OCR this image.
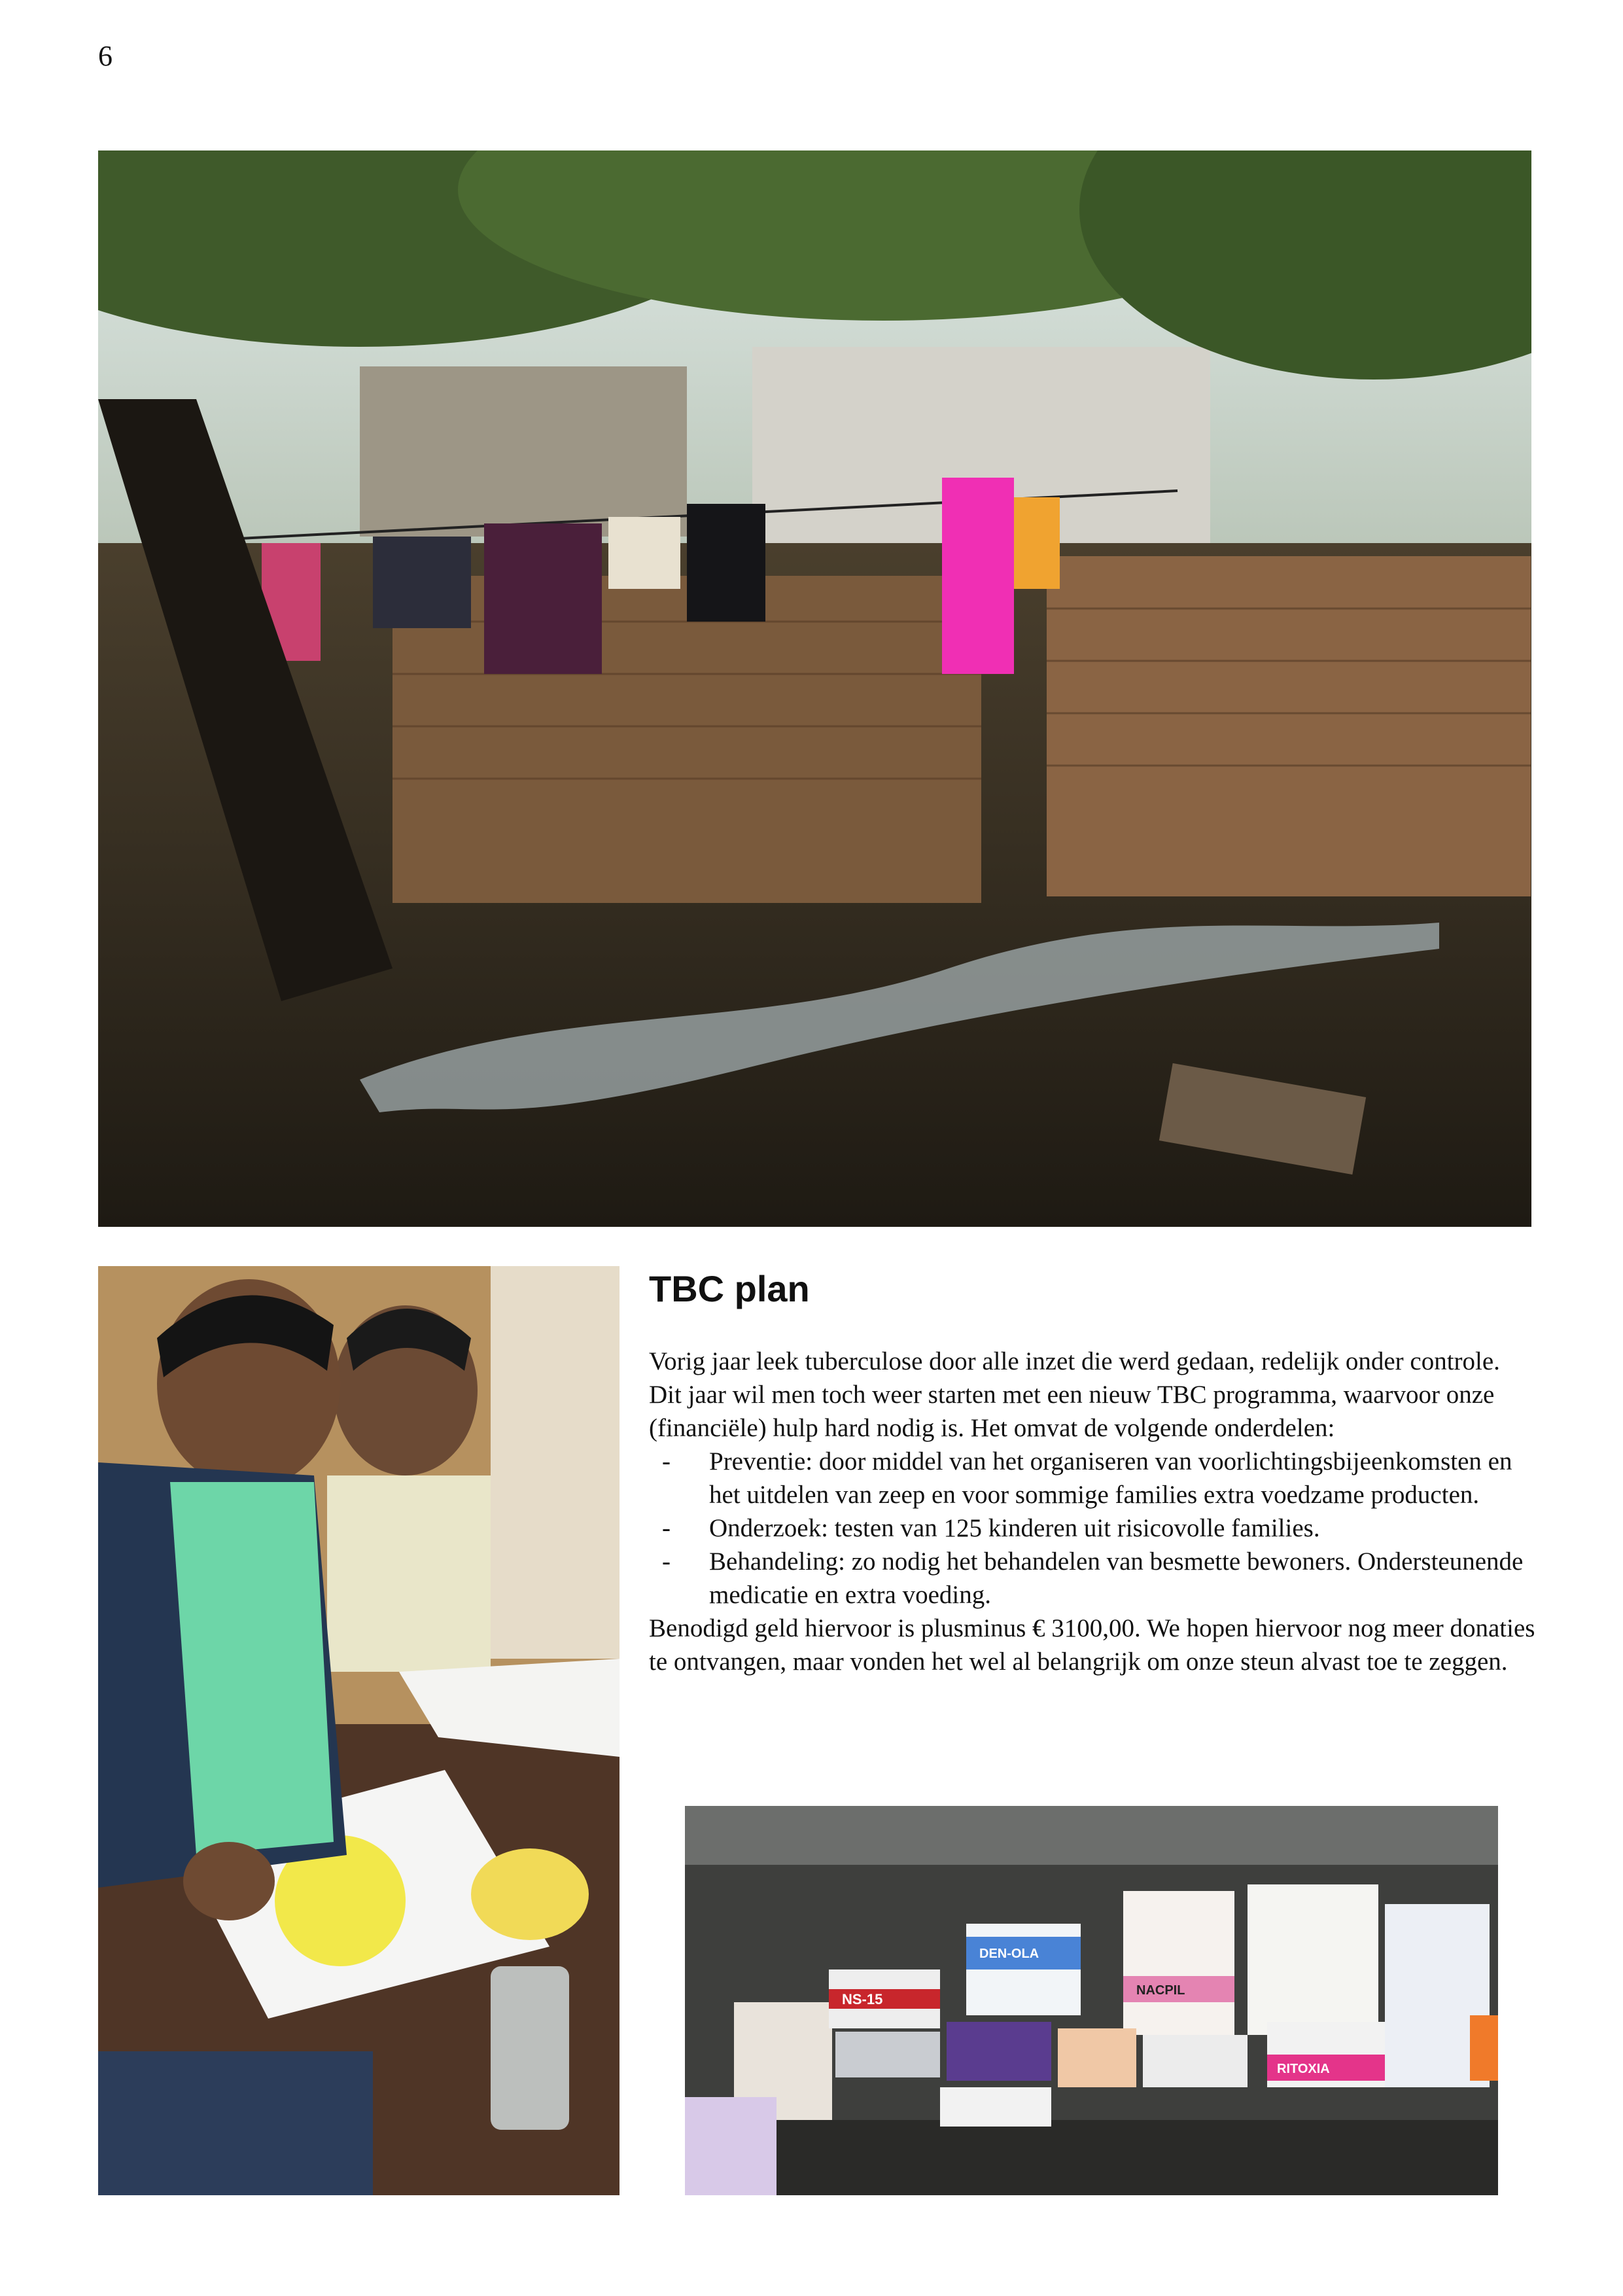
6
TBC plan

Vorig jaar leek tuberculose door alle inzet die werd gedaan, redelijk onder controle. Dit jaar wil men toch weer starten met een nieuw TBC programma, waarvoor onze (financiële) hulp hard nodig is. Het omvat de volgende onderdelen:

- Preventie: door middel van het organiseren van voorlichtingsbijeenkomsten en het uitdelen van zeep en voor sommige families extra voedzame producten.
- Onderzoek: testen van 125 kinderen uit risicovolle families.
- Behandeling: zo nodig het behandelen van besmette bewoners. Ondersteunende medicatie en extra voeding.

Benodigd geld hiervoor is plusminus € 3100,00. We hopen hiervoor nog meer donaties te ontvangen, maar vonden het wel al belangrijk om onze steun alvast toe te zeggen.

NS-15
DEN-OLA
NACPIL
RITOXIA
